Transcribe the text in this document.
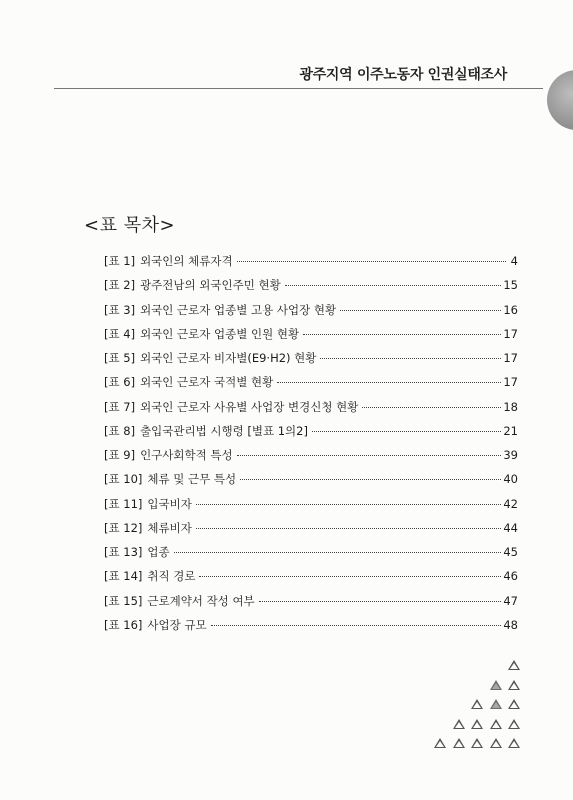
광주지역 이주노동자 인권실태조사
<표 목차>
[표 1] 외국인의 체류자격	4
[표 2] 광주전남의 외국인주민 현황	15
[표 3] 외국인 근로자 업종별 고용 사업장 현황	16
[표 4] 외국인 근로자 업종별 인원 현황	17
[표 5] 외국인 근로자 비자별(E9·H2) 현황	17
[표 6] 외국인 근로자 국적별 현황	17
[표 7] 외국인 근로자 사유별 사업장 변경신청 현황	18
[표 8] 출입국관리법 시행령 [별표 1의2]	21
[표 9] 인구사회학적 특성	39
[표 10] 체류 및 근무 특성	40
[표 11] 입국비자	42
[표 12] 체류비자	44
[표 13] 업종	45
[표 14] 취직 경로	46
[표 15] 근로계약서 작성 여부	47
[표 16] 사업장 규모	48
